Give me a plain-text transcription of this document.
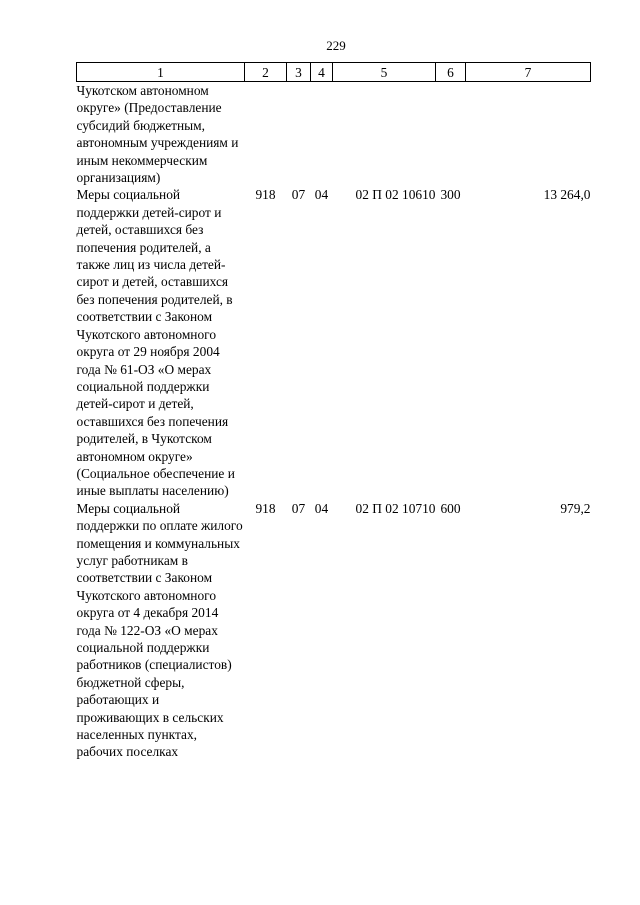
229
1	2	3	4	5	6	7
Чукотском автономном округе» (Предоставление субсидий бюджетным, автономным учреждениям и иным некоммерческим организациям)						
Меры социальной поддержки детей-сирот и детей, оставшихся без попечения родителей, а также лиц из числа детей-сирот и детей, оставшихся без попечения родителей, в соответствии с Законом Чукотского автономного округа от 29 ноября 2004 года № 61-ОЗ «О мерах социальной поддержки детей-сирот и детей, оставшихся без попечения родителей, в Чукотском автономном округе» (Социальное обеспечение и иные выплаты населению)	918	07	04	02 П 02 10610	300	13 264,0
Меры социальной поддержки по оплате жилого помещения и коммунальных услуг работникам в соответствии с Законом Чукотского автономного округа от 4 декабря 2014 года № 122-ОЗ «О мерах социальной поддержки работников (специалистов) бюджетной сферы, работающих и проживающих в сельских населенных пунктах, рабочих поселках	918	07	04	02 П 02 10710	600	979,2
